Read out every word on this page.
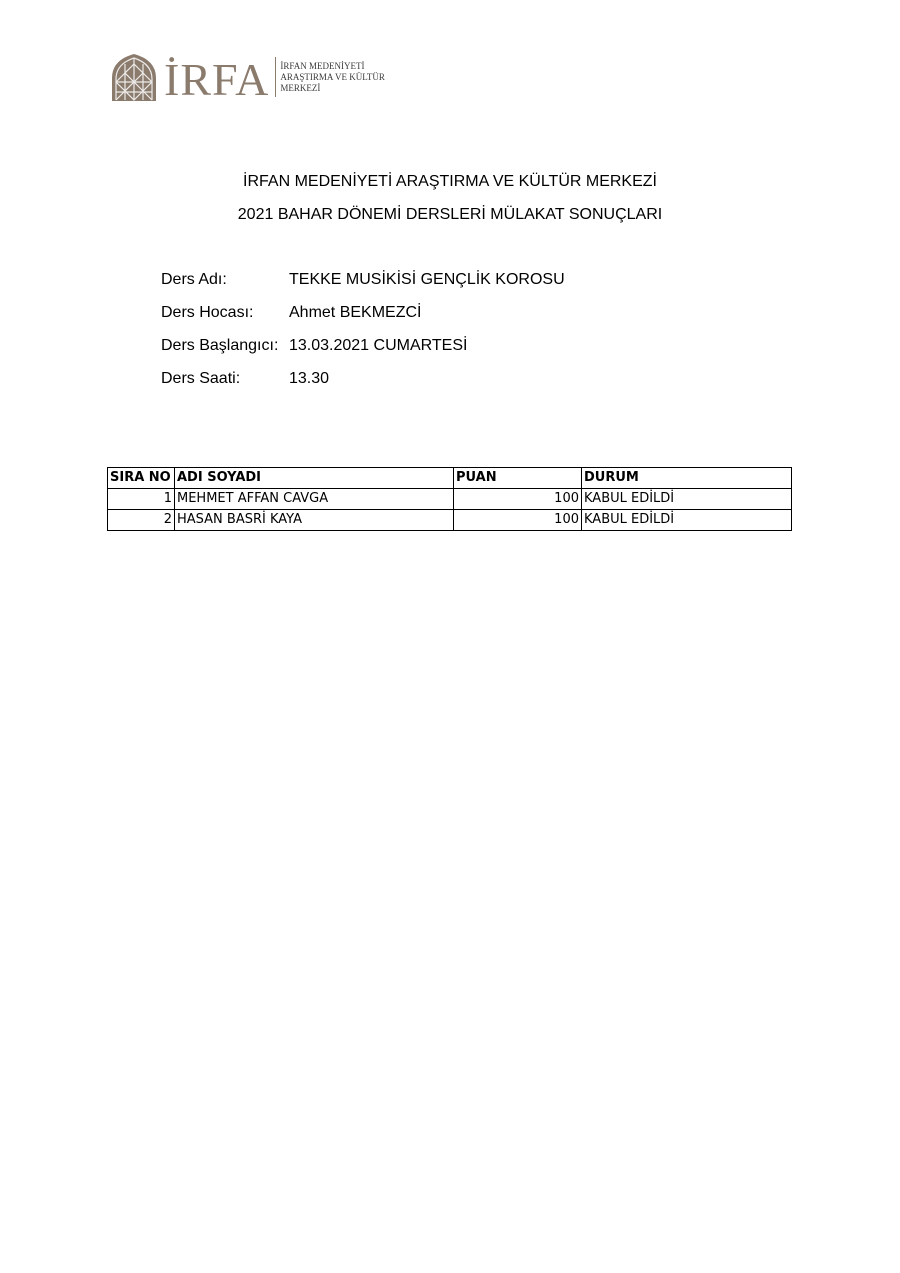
İRFA İRFAN MEDENİYETİ
ARAŞTIRMA VE KÜLTÜR
MERKEZİ
İRFAN MEDENİYETİ ARAŞTIRMA VE KÜLTÜR MERKEZİ
2021 BAHAR DÖNEMİ DERSLERİ MÜLAKAT SONUÇLARI
Ders Adı:	TEKKE MUSİKİSİ GENÇLİK KOROSU
Ders Hocası:	Ahmet BEKMEZCİ
Ders Başlangıcı: 13.03.2021 CUMARTESİ
Ders Saati:	13.30
SIRA NO	ADI SOYADI	PUAN	DURUM
1	MEHMET AFFAN CAVGA	100	KABUL EDİLDİ
2	HASAN BASRİ KAYA	100	KABUL EDİLDİ
